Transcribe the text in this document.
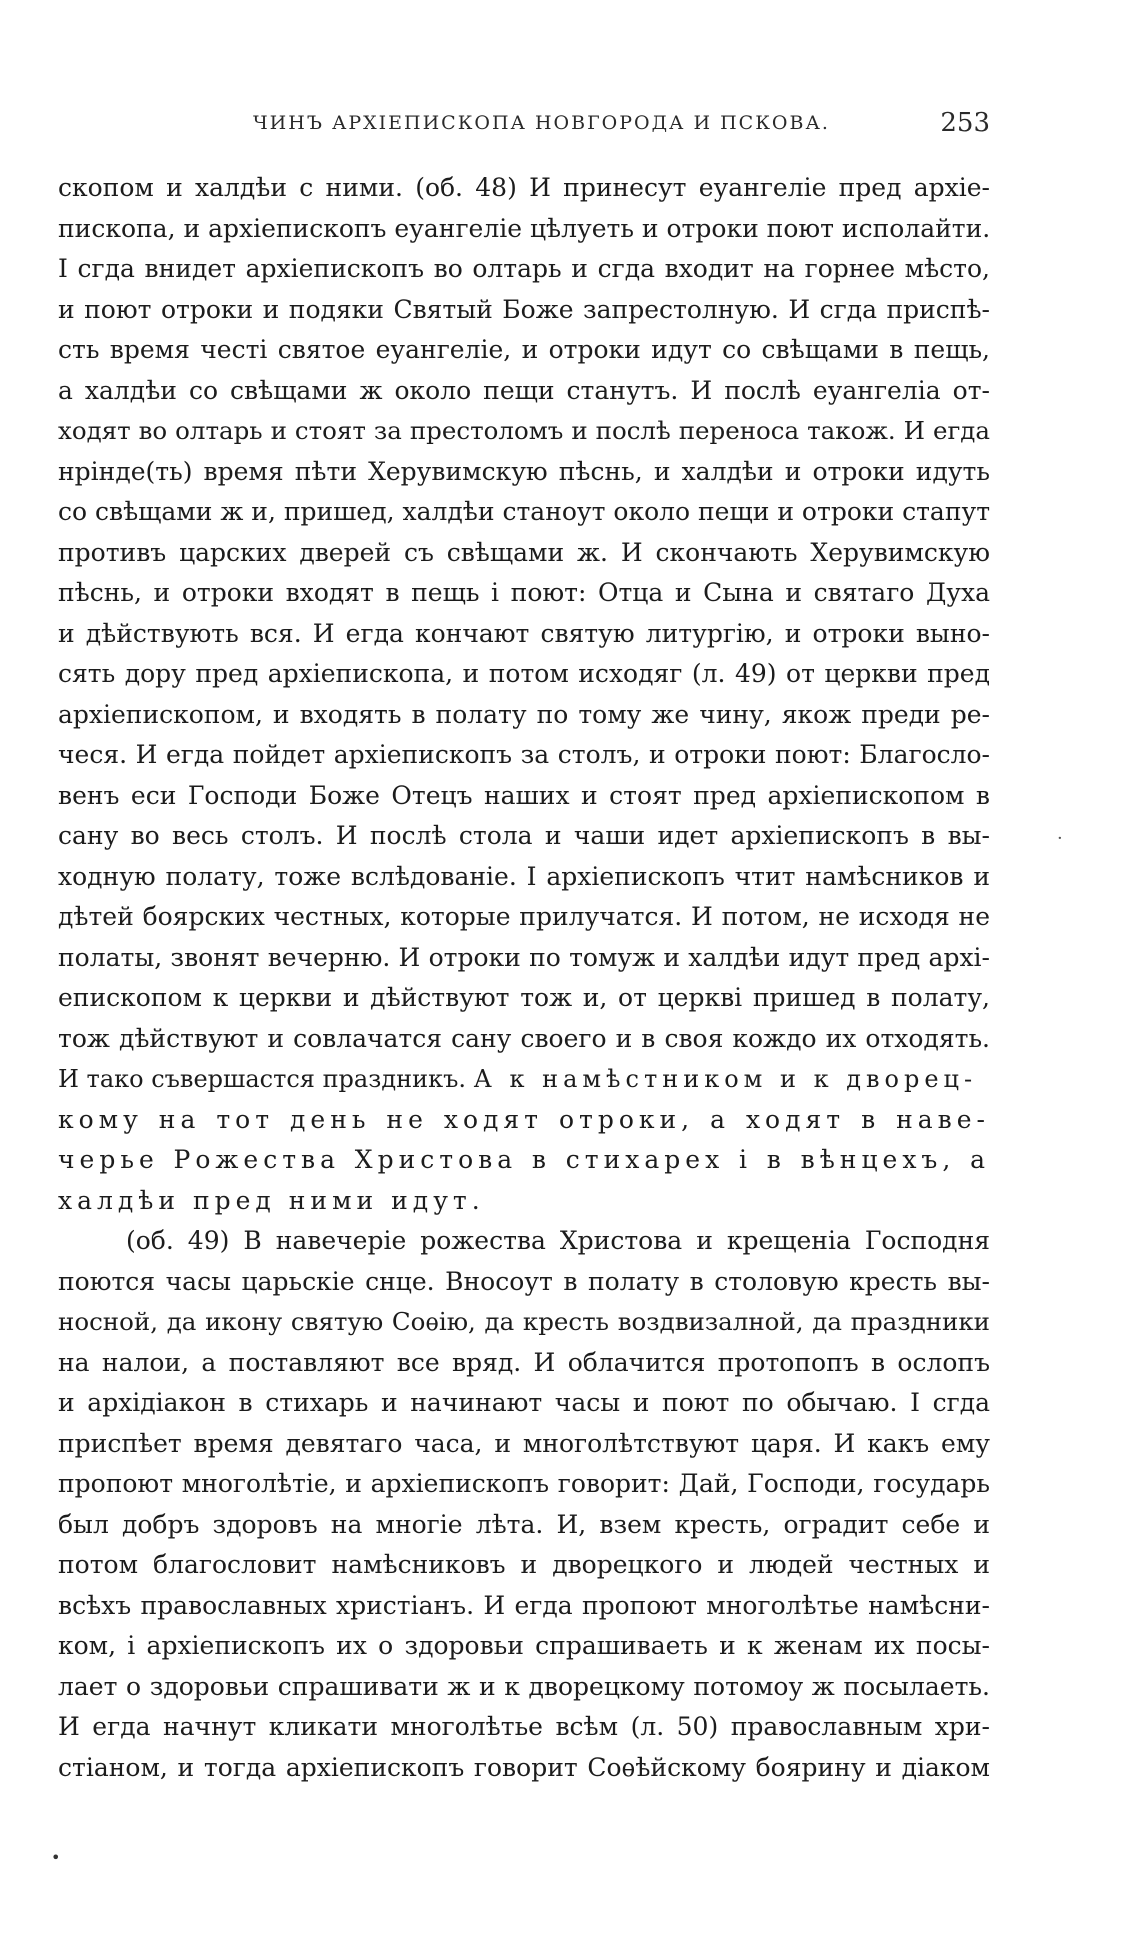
ЧИНЪ АРХІЕПИСКОПА НОВГОРОДА И ПСКОВА.	253
скопом и халдѣи с ними. (об. 48) И принесут еуангеліе пред архіе-
пископа, и архіепископъ еуангеліе цѣлуеть и отроки поют исполайти.
I сгда внидет архіепископъ во олтарь и сгда входит на горнее мѣсто,
и поют отроки и подяки Святый Боже запрестолную. И сгда приспѣ-
сть время честі святое еуангеліе, и отроки идут со свѣщами в пещь,
а халдѣи со свѣщами ж около пещи станутъ. И послѣ еуангеліа от-
ходят во олтарь и стоят за престоломъ и послѣ переноса також. И егда
нрінде(ть) время пѣти Херувимскую пѣснь, и халдѣи и отроки идуть
со свѣщами ж и, пришед, халдѣи станоут около пещи и отроки стапут
противъ царских дверей съ свѣщами ж. И скончають Херувимскую
пѣснь, и отроки входят в пещь і поют: Отца и Сына и святаго Духа
и дѣйствують вся. И егда кончают святую литургію, и отроки выно-
сять дору пред архіепископа, и потом исходяг (л. 49) от церкви пред
архіепископом, и входять в полату по тому же чину, якож преди ре-
чеся. И егда пойдет архіепископъ за столъ, и отроки поют: Благосло-
венъ еси Господи Боже Отецъ наших и стоят пред архіепископом в
сану во весь столъ. И послѣ стола и чаши идет архіепископъ в вы-
ходную полату, тоже вслѣдованіе. I архіепископъ чтит намѣсников и
дѣтей боярских честных, которые прилучатся. И потом, не исходя не
полаты, звонят вечерню. И отроки по томуж и халдѣи идут пред архі-
епископом к церкви и дѣйствуют тож и, от церкві пришед в полату,
тож дѣйствуют и совлачатся сану своего и в своя кождо их отходять.
И тако съвершастся праздникъ. А к намѣстником и к дворец-
кому на тот день не ходят отроки, а ходят в наве-
черье Рожества Христова в стихарех і в вѣнцехъ, а
халдѣи пред ними идут.
(об. 49) В навечеріе рожества Христова и крещеніа Господня
поются часы царьскіе снце. Вносоут в полату в столовую кресть вы-
носной, да икону святую Соѳію, да кресть воздвизалной, да праздники
на налои, а поставляют все вряд. И облачится протопопъ в ослопъ
и архідіакон в стихарь и начинают часы и поют по обычаю. I сгда
приспѣет время девятаго часа, и многолѣтствуют царя. И какъ ему
пропоют многолѣтіе, и архіепископъ говорит: Дай, Господи, государь
был добръ здоровъ на многіе лѣта. И, взем кресть, оградит себе и
потом благословит намѣсниковъ и дворецкого и людей честных и
всѣхъ православных христіанъ. И егда пропоют многолѣтье намѣсни-
ком, і архіепископъ их о здоровьи спрашиваеть и к женам их посы-
лает о здоровьи спрашивати ж и к дворецкому потомоу ж посылаеть.
И егда начнут кликати многолѣтье всѣм (л. 50) православным хри-
стіаном, и тогда архіепископъ говорит Соѳѣйскому боярину и діаком
·
•
